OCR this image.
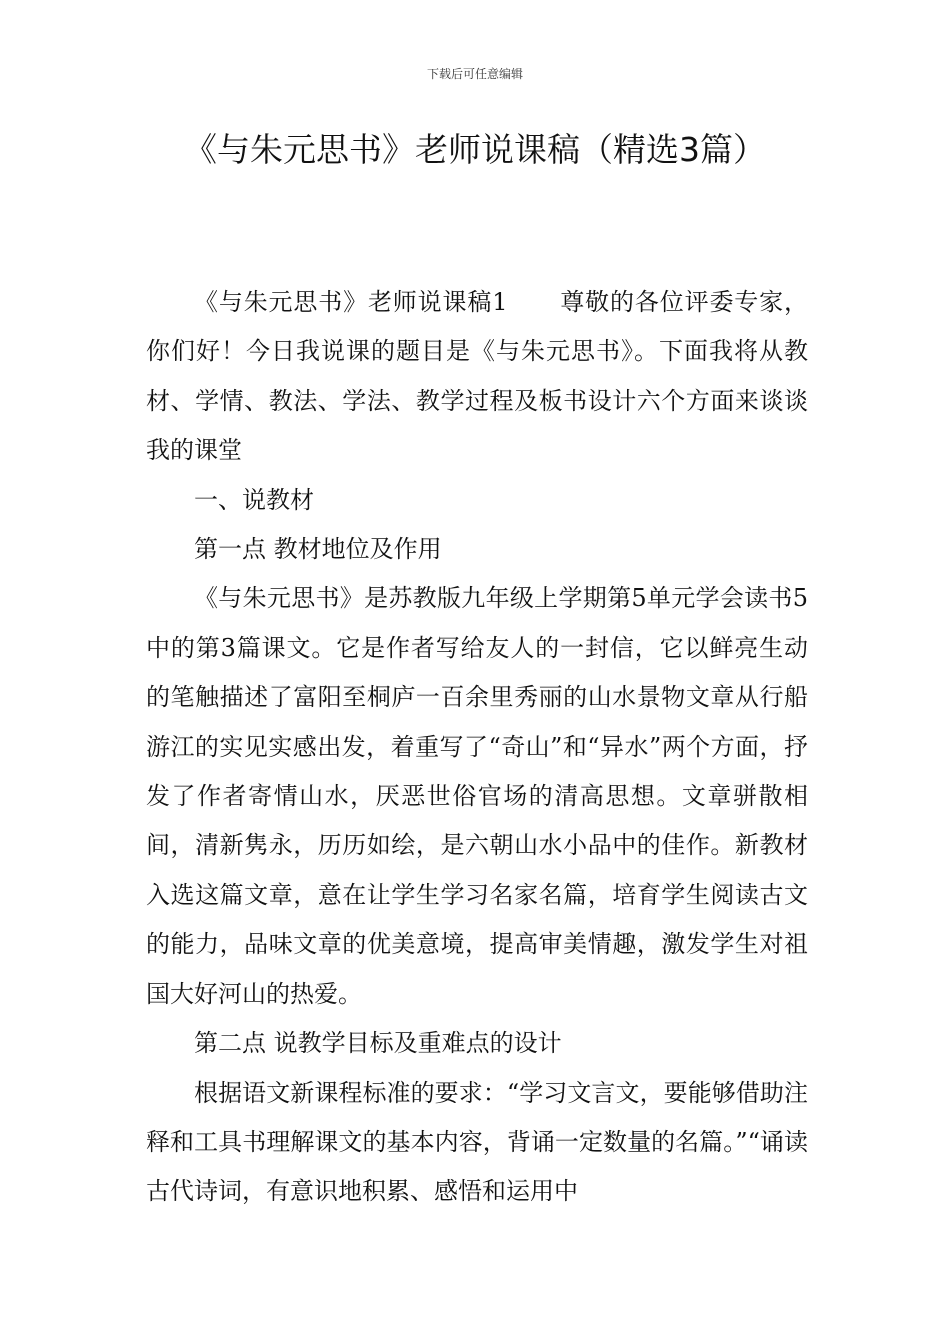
下载后可任意编辑
《与朱元思书》老师说课稿（精选3篇）

《与朱元思书》老师说课稿1 尊敬的各位评委专家，你们好！今日我说课的题目是《与朱元思书》。下面我将从教材、学情、教法、学法、教学过程及板书设计六个方面来谈谈我的课堂

一、说教材

第一点 教材地位及作用

《与朱元思书》是苏教版九年级上学期第5单元学会读书5中的第3篇课文。它是作者写给友人的一封信，它以鲜亮生动的笔触描述了富阳至桐庐一百余里秀丽的山水景物文章从行船游江的实见实感出发，着重写了“奇山”和“异水”两个方面，抒发了作者寄情山水，厌恶世俗官场的清高思想。文章骈散相间，清新隽永，历历如绘，是六朝山水小品中的佳作。新教材入选这篇文章，意在让学生学习名家名篇，培育学生阅读古文的能力，品味文章的优美意境，提高审美情趣，激发学生对祖国大好河山的热爱。

第二点 说教学目标及重难点的设计

根据语文新课程标准的要求：“学习文言文，要能够借助注释和工具书理解课文的基本内容，背诵一定数量的名篇。”“诵读古代诗词，有意识地积累、感悟和运用中
